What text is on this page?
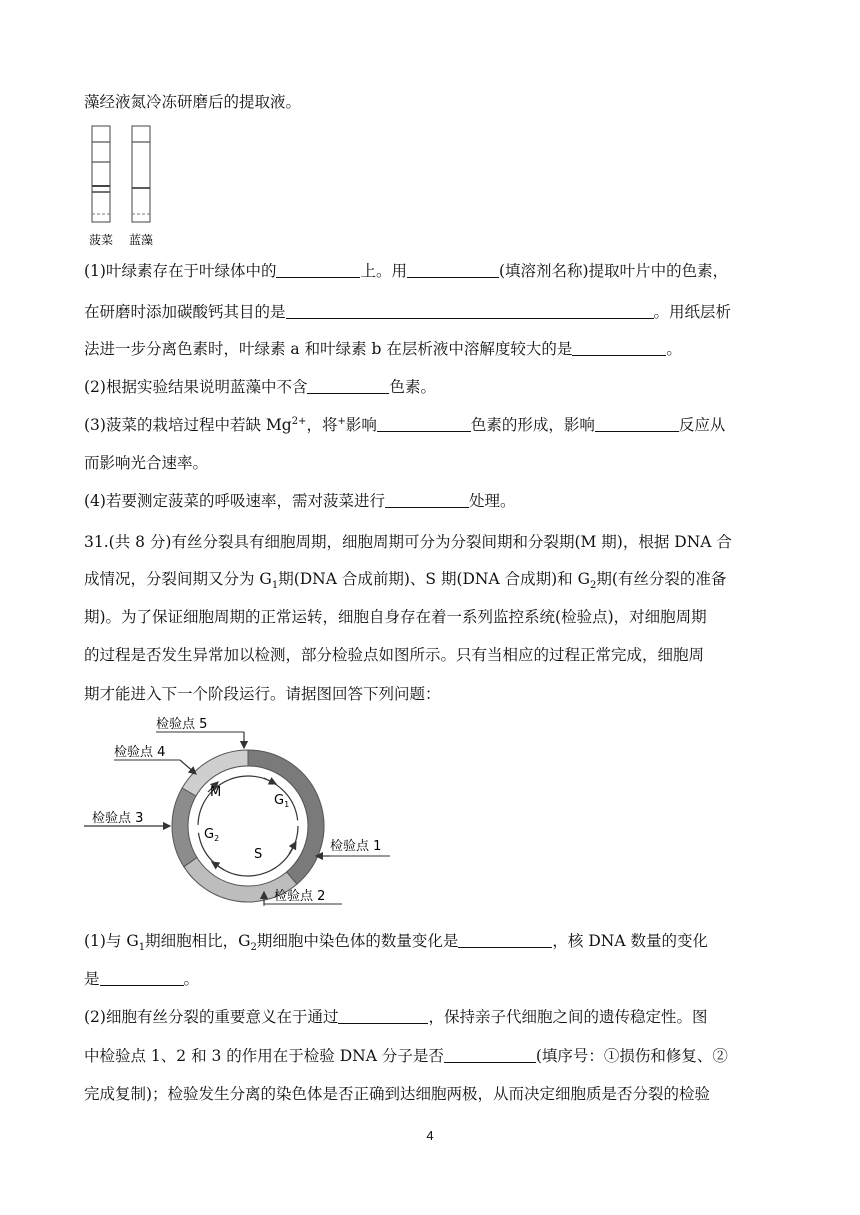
藻经液氮冷冻研磨后的提取液。
菠菜 蓝藻
(1)叶绿素存在于叶绿体中的	上。用	(填溶剂名称)提取叶片中的色素，
在研磨时添加碳酸钙其目的是	。用纸层析
法进一步分离色素时，叶绿素 a 和叶绿素 b 在层析液中溶解度较大的是	。
(2)根据实验结果说明蓝藻中不含	色素。
(3)菠菜的栽培过程中若缺 $Mg^{2+}$，将+影响	色素的形成，影响	反应从
而影响光合速率。
(4)若要测定菠菜的呼吸速率，需对菠菜进行	处理。
31.(共 8 分)有丝分裂具有细胞周期，细胞周期可分为分裂间期和分裂期(M 期)，根据 DNA 合
成情况，分裂间期又分为 $G_1$期(DNA 合成前期)、S 期(DNA 合成期)和 $G_2$期(有丝分裂的准备
期)。为了保证细胞周期的正常运转，细胞自身存在着一系列监控系统(检验点)，对细胞周期
的过程是否发生异常加以检测，部分检验点如图所示。只有当相应的过程正常完成，细胞周
期才能进入下一个阶段运行。请据图回答下列问题：
M
$G_1$
$G_2$
S
检验点 5
检验点 4
检验点 3
检验点 1
检验点 2
(1)与 $G_1$期细胞相比，$G_2$期细胞中染色体的数量变化是	，核 DNA 数量的变化
是	。
(2)细胞有丝分裂的重要意义在于通过	，保持亲子代细胞之间的遗传稳定性。图
中检验点 1、2 和 3 的作用在于检验 DNA 分子是否	(填序号：①损伤和修复、②
完成复制)；检验发生分离的染色体是否正确到达细胞两极，从而决定细胞质是否分裂的检验
4
